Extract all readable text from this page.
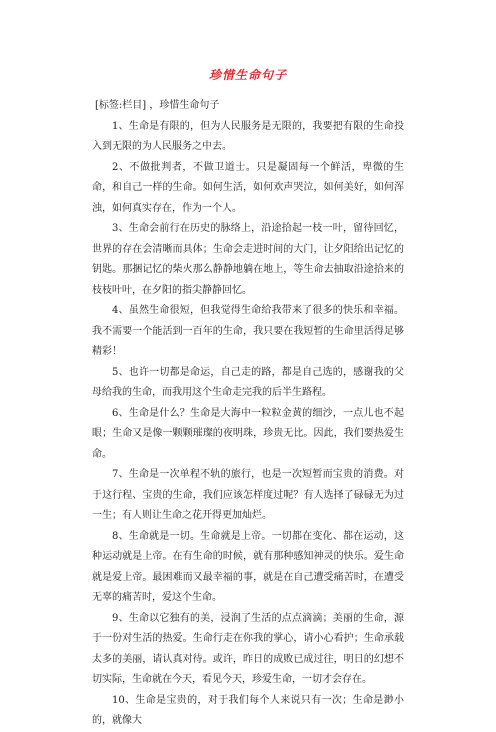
珍惜生命句子

[标签:栏目] ，珍惜生命句子

1、生命是有限的，但为人民服务是无限的，我要把有限的生命投入到无限的为人民服务之中去。

2、不做批判者，不做卫道士。只是凝固每一个鲜活，卑微的生命，和自己一样的生命。如何生活，如何欢声哭泣，如何美好，如何浑浊，如何真实存在，作为一个人。

3、生命会前行在历史的脉络上，沿途拾起一枝一叶，留待回忆，世界的存在会清晰而具体；生命会走进时间的大门，让夕阳给出记忆的钥匙。那捆记忆的柴火那么静静地躺在地上，等生命去抽取沿途拾来的枝枝叶叶，在夕阳的指尖静静回忆。

4、虽然生命很短，但我觉得生命给我带来了很多的快乐和幸福。我不需要一个能活到一百年的生命，我只要在我短暂的生命里活得足够精彩！

5、也许一切都是命运，自己走的路，都是自己选的，感谢我的父母给我的生命，而我用这个生命走完我的后半生路程。

6、生命是什么？生命是大海中一粒粒金黄的细沙，一点儿也不起眼；生命又是像一颗颗璀璨的夜明珠，珍贵无比。因此，我们要热爱生命。

7、生命是一次单程不轨的旅行，也是一次短暂而宝贵的消费。对于这行程、宝贵的生命，我们应该怎样度过呢？有人选择了碌碌无为过一生；有人则让生命之花开得更加灿烂。

8、生命就是一切。生命就是上帝。一切都在变化、都在运动，这种运动就是上帝。在有生命的时候，就有那种感知神灵的快乐。爱生命就是爱上帝。最困难而又最幸福的事，就是在自己遭受痛苦时，在遭受无辜的痛苦时，爱这个生命。

9、生命以它独有的美，浸润了生活的点点滴滴；美丽的生命，源于一份对生活的热爱。生命行走在你我的掌心，请小心看护；生命承载太多的美丽，请认真对待。或许，昨日的成败已成过往，明日的幻想不切实际，生命就在今天，看见今天，珍爱生命，一切才会存在。

10、生命是宝贵的，对于我们每个人来说只有一次；生命是渺小的，就像大
